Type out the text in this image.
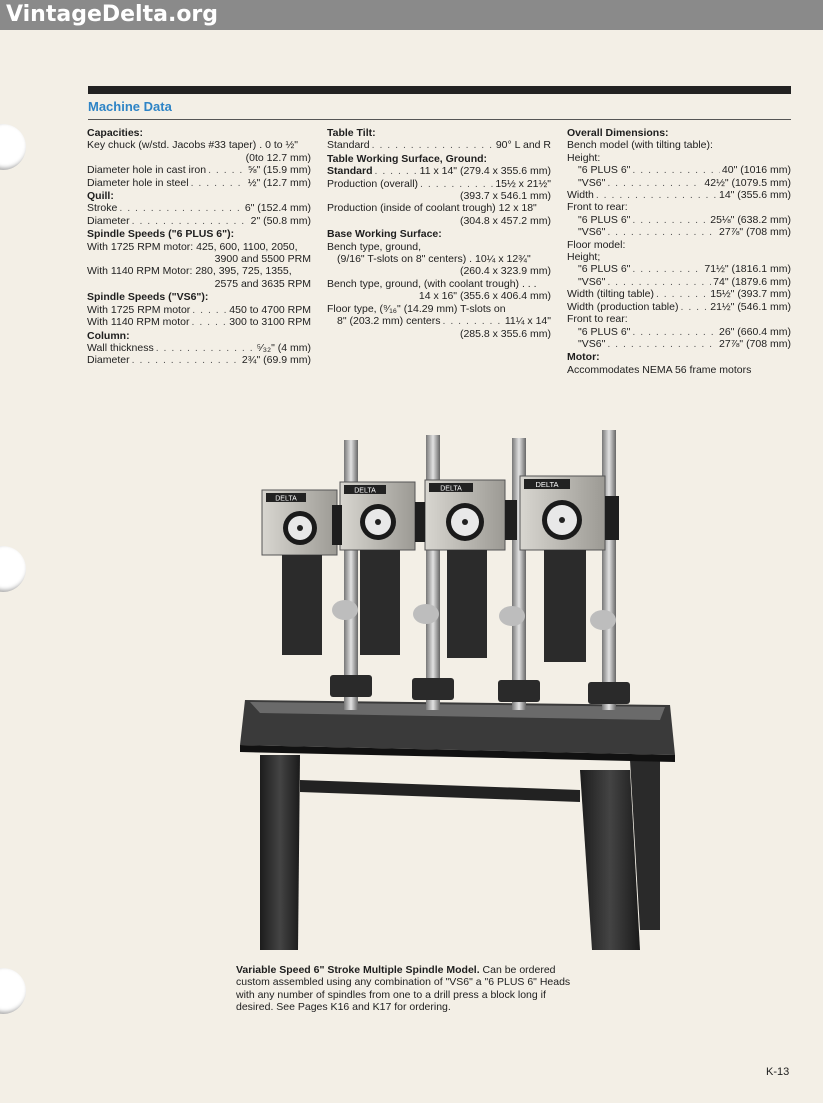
VintageDelta.org
Machine Data
Capacities:
Key chuck (w/std. Jacobs #33 taper) . 0 to ½"
(0to 12.7 mm)
Diameter hole in cast iron . . .	⅝" (15.9 mm)
Diameter hole in steel . . .	½" (12.7 mm)
Quill:
Stroke . . .	6" (152.4 mm)
Diameter . . .	2" (50.8 mm)
Spindle Speeds ("6 PLUS 6"):
With 1725 RPM motor: 425, 600, 1100, 2050,
3900 and 5500 PRM
With 1140 RPM Motor: 280, 395, 725, 1355,
2575 and 3635 RPM
Spindle Speeds ("VS6"):
With 1725 RPM motor . . .	450 to 4700 RPM
With 1140 RPM motor . . .	300 to 3100 RPM
Column:
Wall thickness . . .	⁵⁄₃₂" (4 mm)
Diameter . . .	2¾" (69.9 mm)
Table Tilt:
Standard . . .	90° L and R
Table Working Surface, Ground:
Standard . . .	11 x 14" (279.4 x 355.6 mm)
Production (overall) . . .	15½ x 21½"
(393.7 x 546.1 mm)
Production (inside of coolant trough) 12 x 18"
(304.8 x 457.2 mm)
Base Working Surface:
Bench type, ground,
(9/16" T-slots on 8" centers) . 10¼ x 12¾"
(260.4 x 323.9 mm)
Bench type, ground, (with coolant trough) . . .
14 x 16" (355.6 x 406.4 mm)
Floor type, (⁹⁄₁₆" (14.29 mm) T-slots on
8" (203.2 mm) centers . . .	11¼ x 14"
(285.8 x 355.6 mm)
Overall Dimensions:
Bench model (with tilting table):
Height:
"6 PLUS 6" . . .	40" (1016 mm)
"VS6" . . .	42½" (1079.5 mm)
Width . . .	14" (355.6 mm)
Front to rear:
"6 PLUS 6" . . .	25⅛" (638.2 mm)
"VS6" . . .	27⅞" (708 mm)
Floor model:
Height;
"6 PLUS 6" . . .	71½" (1816.1 mm)
"VS6" . . .	74" (1879.6 mm)
Width (tilting table) . . .	15½" (393.7 mm)
Width (production table) . . .	21½" (546.1 mm)
Front to rear:
"6 PLUS 6" . . .	26" (660.4 mm)
"VS6" . . .	27⅞" (708 mm)
Motor:
Accommodates NEMA 56 frame motors
DELTA
DELTA	DELTA	DELTA
Variable Speed 6" Stroke Multiple Spindle Model. Can be ordered custom assembled using any combination of "VS6" a "6 PLUS 6" Heads with any number of spindles from one to a drill press a block long if desired. See Pages K16 and K17 for ordering.
K-13
